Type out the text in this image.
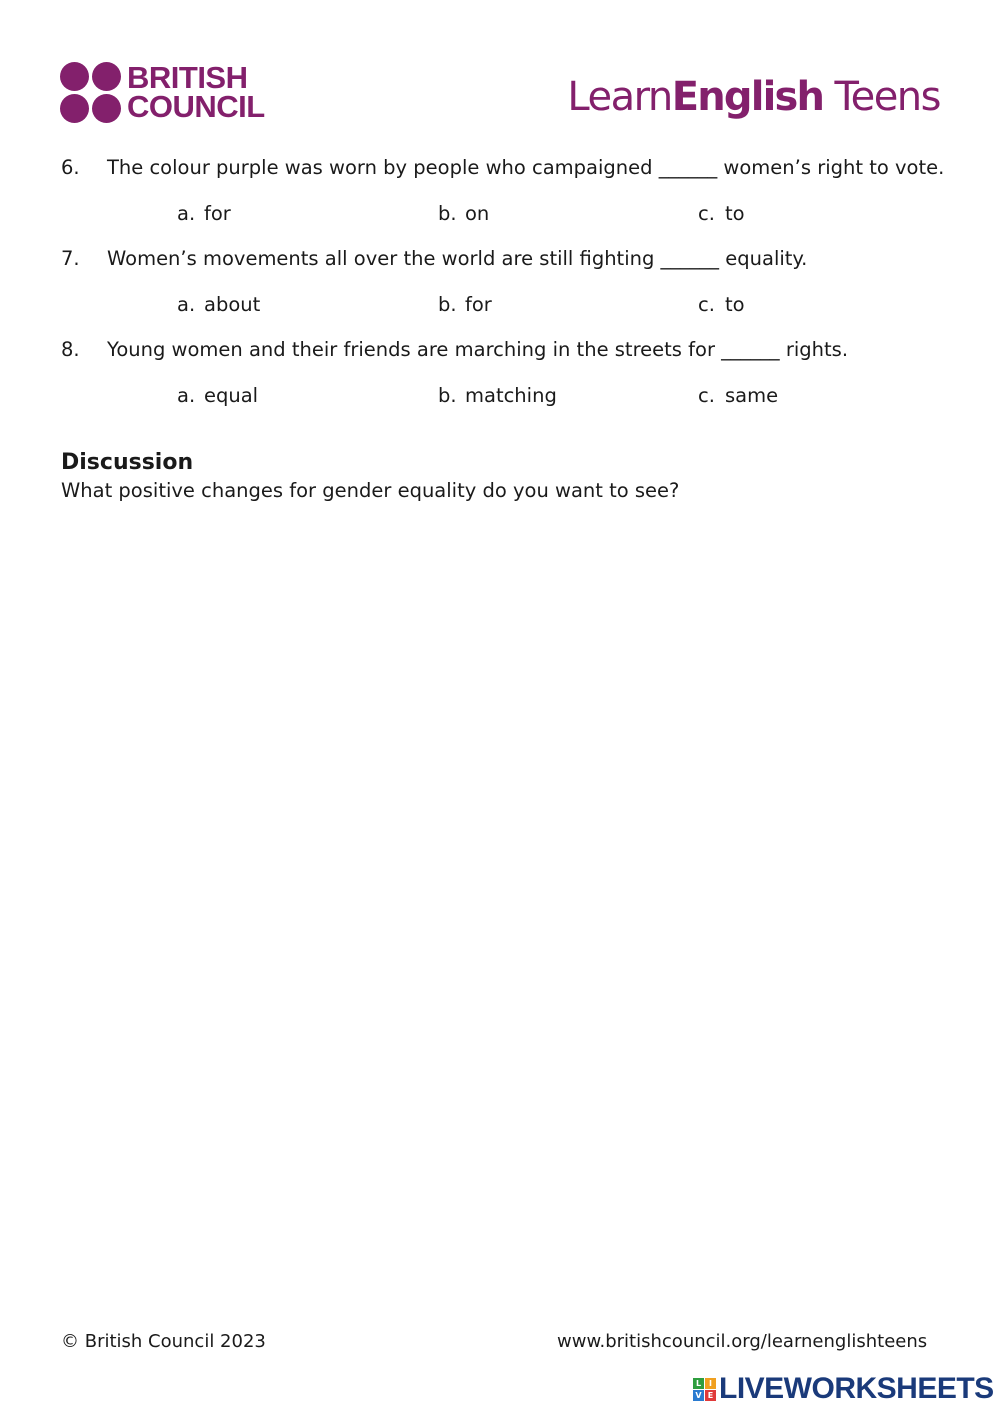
BRITISH
COUNCIL	LearnEnglish Teens
6. The colour purple was worn by people who campaigned ______ women’s right to vote.
a. for	b. on	c. to
7. Women’s movements all over the world are still fighting ______ equality.
a. about	b. for	c. to
8. Young women and their friends are marching in the streets for ______ rights.
a. equal	b. matching	c. same
Discussion
What positive changes for gender equality do you want to see?
© British Council 2023	www.britishcouncil.org/learnenglishteens
L I
V E LIVEWORKSHEETS
